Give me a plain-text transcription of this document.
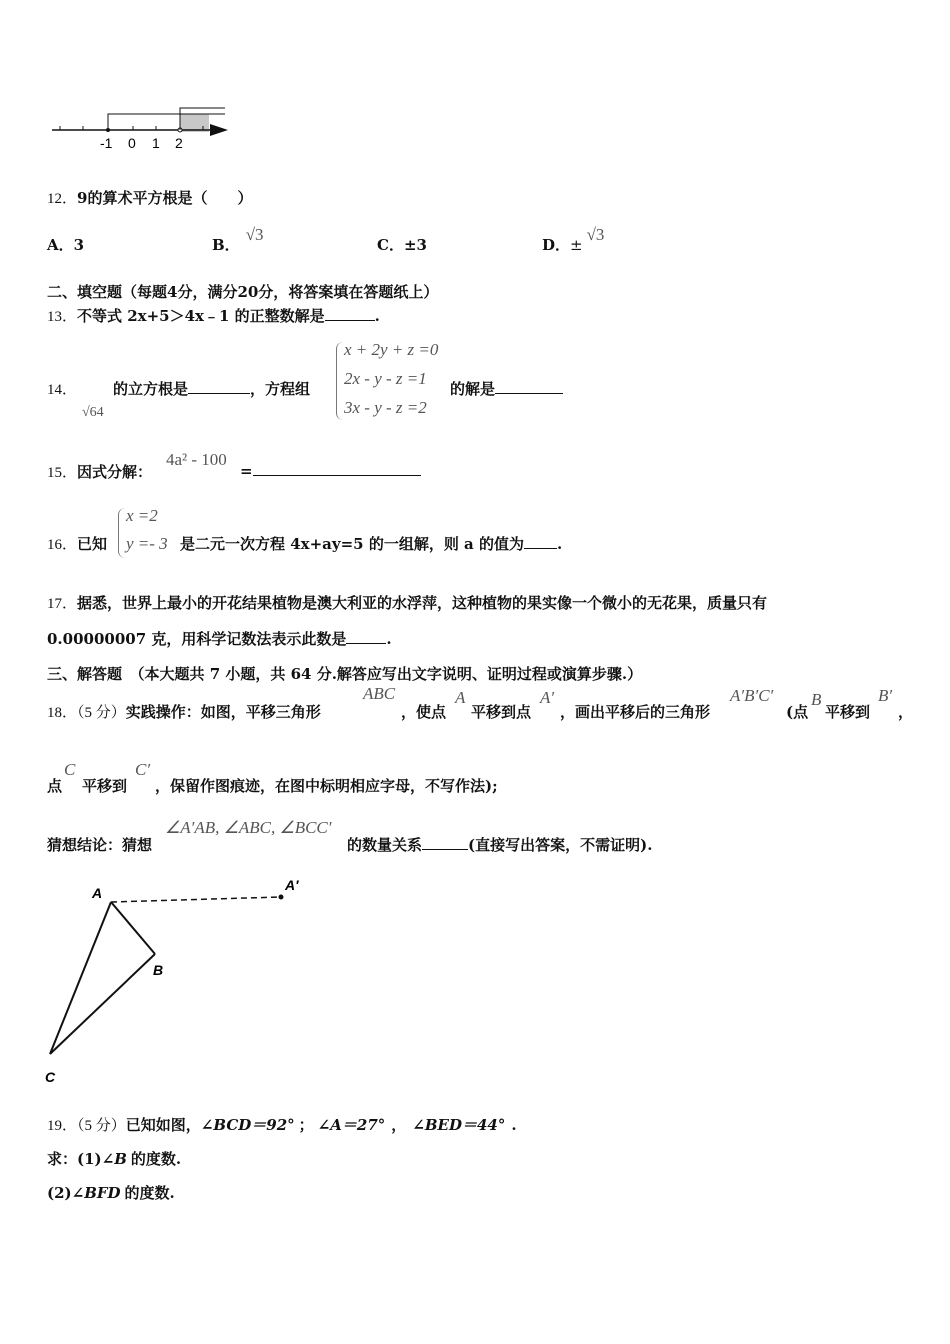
-1 0 1 2
12．9的算术平方根是（　　）
A．3	B．√3
C．±3	D．±√3
二、填空题（每题4分，满分20分，将答案填在答题纸上）
13．不等式 2x+5＞4x﹣1 的正整数解是	.
14．
√64
的立方根是	，方程组
x + 2y + z =0
2x - y - z =1
3x - y - z =2
的解是
15．因式分解：
4a² - 100
=
16．已知
x =2
y =- 3 是二元一次方程 4x+ay=5 的一组解，则 a 的值为 .
17．据悉，世界上最小的开花结果植物是澳大利亚的水浮萍，这种植物的果实像一个微小的无花果，质量只有
0.00000007 克，用科学记数法表示此数是	.
三、解答题　（本大题共 7 小题，共 64 分.解答应写出文字说明、证明过程或演算步骤.）
18．（5 分）实践操作：如图，平移三角形
ABC
，使点
A
平移到点
A′
，画出平移后的三角形
A′B′C′
(点
B
平移到
B′
，
点
C
平移到
C′
，保留作图痕迹，在图中标明相应字母，不写作法);
猜想结论：猜想
∠A′AB, ∠ABC, ∠BCC′
的数量关系	(直接写出答案，不需证明).
A	A′
B
C
19．（5 分）已知如图，∠BCD＝92° ； ∠A＝27° ， ∠BED＝44° .
求：(1)∠B 的度数.
(2)∠BFD 的度数.
